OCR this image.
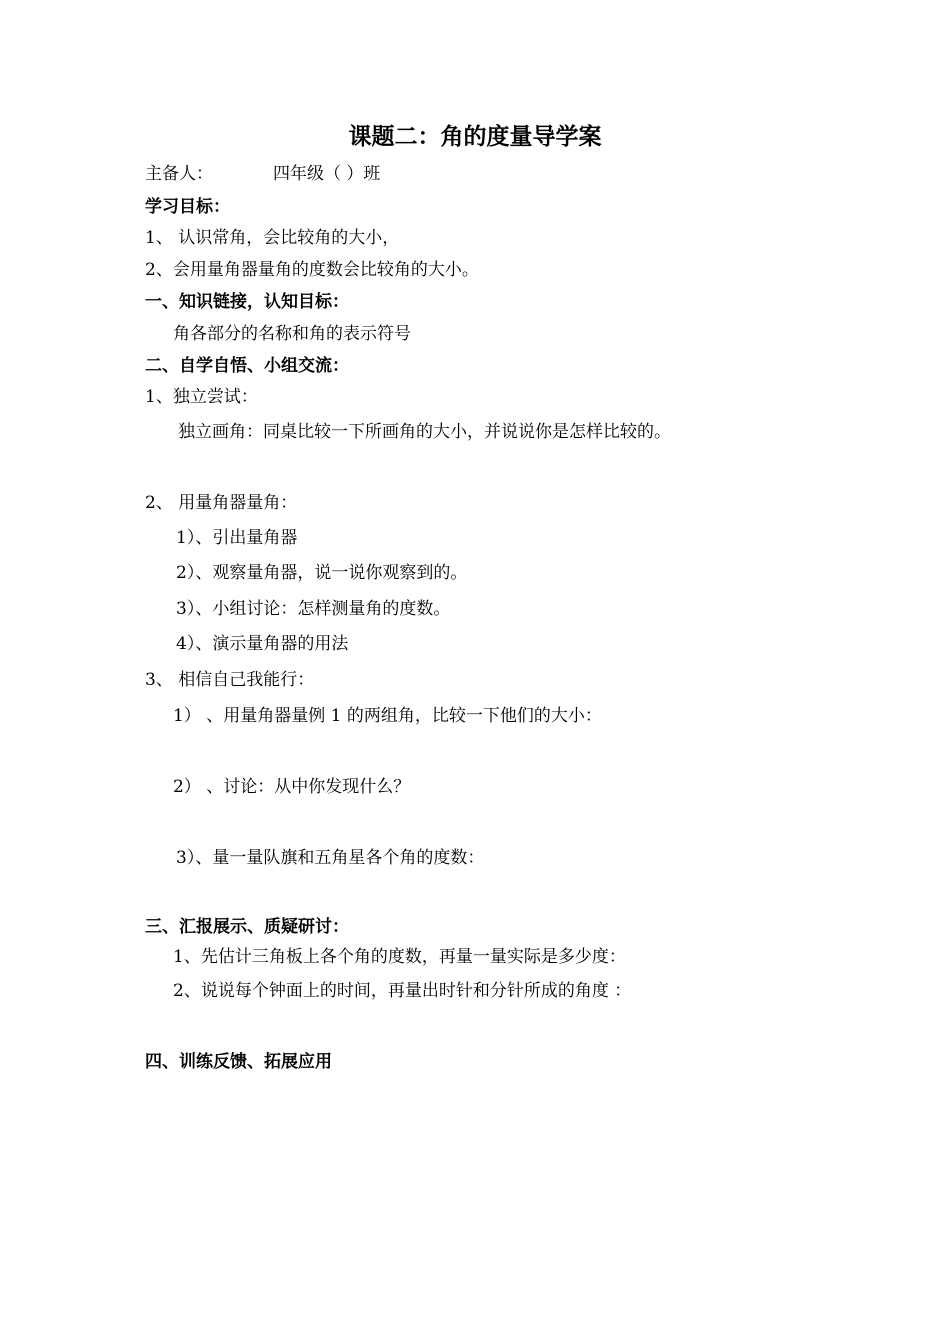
课题二：角的度量导学案
主备人：	四年级（ ）班
学习目标：
1、 认识常角，会比较角的大小，
2、会用量角器量角的度数会比较角的大小。
一、知识链接，认知目标：
角各部分的名称和角的表示符号
二、自学自悟、小组交流：
1、独立尝试：
独立画角：同桌比较一下所画角的大小，并说说你是怎样比较的。
2、 用量角器量角：
1）、引出量角器
2）、观察量角器，说一说你观察到的。
3）、小组讨论：怎样测量角的度数。
4）、演示量角器的用法
3、 相信自己我能行：
1） 、用量角器量例 1 的两组角，比较一下他们的大小：
2） 、讨论：从中你发现什么？
3）、量一量队旗和五角星各个角的度数：
三、汇报展示、质疑研讨：
1、先估计三角板上各个角的度数，再量一量实际是多少度：
2、说说每个钟面上的时间，再量出时针和分针所成的角度 ：
四、训练反馈、拓展应用
